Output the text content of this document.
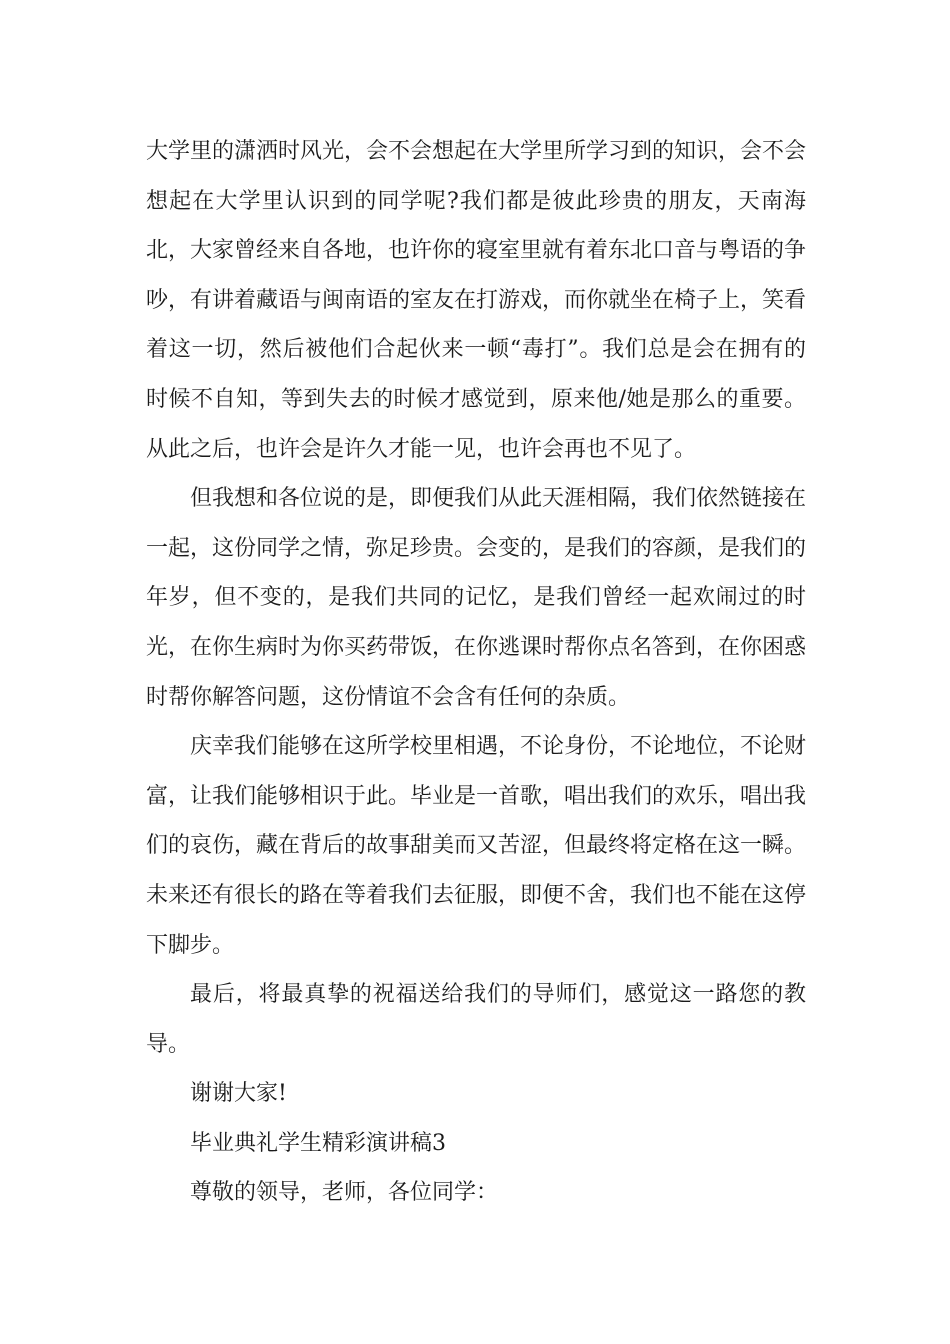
大学里的潇洒时风光，会不会想起在大学里所学习到的知识，会不会想起在大学里认识到的同学呢?我们都是彼此珍贵的朋友，天南海北，大家曾经来自各地，也许你的寝室里就有着东北口音与粤语的争吵，有讲着藏语与闽南语的室友在打游戏，而你就坐在椅子上，笑看着这一切，然后被他们合起伙来一顿“毒打”。我们总是会在拥有的时候不自知，等到失去的时候才感觉到，原来他/她是那么的重要。从此之后，也许会是许久才能一见，也许会再也不见了。

但我想和各位说的是，即便我们从此天涯相隔，我们依然链接在一起，这份同学之情，弥足珍贵。会变的，是我们的容颜，是我们的年岁，但不变的，是我们共同的记忆，是我们曾经一起欢闹过的时光，在你生病时为你买药带饭，在你逃课时帮你点名答到，在你困惑时帮你解答问题，这份情谊不会含有任何的杂质。

庆幸我们能够在这所学校里相遇，不论身份，不论地位，不论财富，让我们能够相识于此。毕业是一首歌，唱出我们的欢乐，唱出我们的哀伤，藏在背后的故事甜美而又苦涩，但最终将定格在这一瞬。未来还有很长的路在等着我们去征服，即便不舍，我们也不能在这停下脚步。

最后，将最真挚的祝福送给我们的导师们，感觉这一路您的教导。

谢谢大家!

毕业典礼学生精彩演讲稿3

尊敬的领导，老师，各位同学：
